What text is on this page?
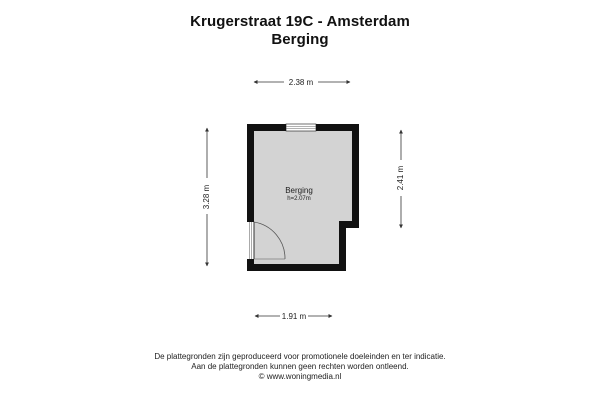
Krugerstraat 19C - Amsterdam
Berging
2.38 m
3.28 m
2.41 m
1.91 m
Berging
h=2.07m
De plattegronden zijn geproduceerd voor promotionele doeleinden en ter indicatie.
Aan de plattegronden kunnen geen rechten worden ontleend.
© www.woningmedia.nl
